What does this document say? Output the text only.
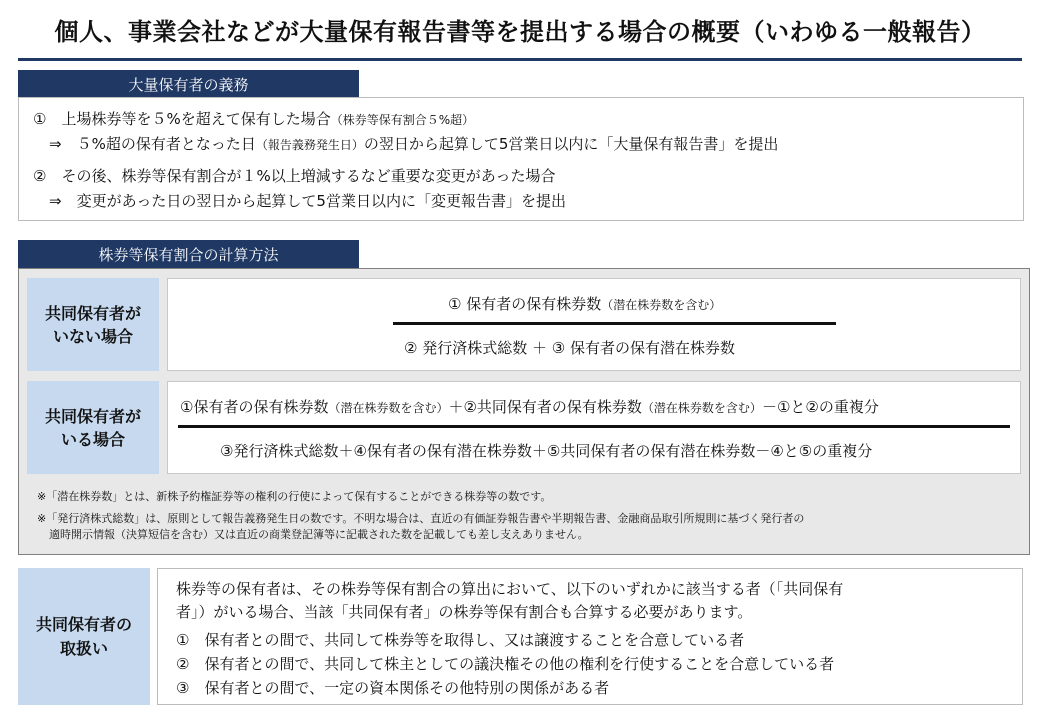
個人、事業会社などが大量保有報告書等を提出する場合の概要（いわゆる一般報告）
大量保有者の義務
①　上場株券等を５%を超えて保有した場合（株券等保有割合５%超）
⇒　５%超の保有者となった日（報告義務発生日）の翌日から起算して5営業日以内に「大量保有報告書」を提出
②　その後、株券等保有割合が１%以上増減するなど重要な変更があった場合
⇒　変更があった日の翌日から起算して5営業日以内に「変更報告書」を提出
株券等保有割合の計算方法
共同保有者が
いない場合
① 保有者の保有株券数（潜在株券数を含む）
② 発行済株式総数 ＋ ③ 保有者の保有潜在株券数
共同保有者が
いる場合
①保有者の保有株券数（潜在株券数を含む）＋②共同保有者の保有株券数（潜在株券数を含む）－①と②の重複分
③発行済株式総数＋④保有者の保有潜在株券数＋⑤共同保有者の保有潜在株券数－④と⑤の重複分
※「潜在株券数」とは、新株予約権証券等の権利の行使によって保有することができる株券等の数です。
※「発行済株式総数」は、原則として報告義務発生日の数です。不明な場合は、直近の有価証券報告書や半期報告書、金融商品取引所規則に基づく発行者の
適時開示情報（決算短信を含む）又は直近の商業登記簿等に記載された数を記載しても差し支えありません。
共同保有者の
取扱い
株券等の保有者は、その株券等保有割合の算出において、以下のいずれかに該当する者（「共同保有
者」）がいる場合、当該「共同保有者」の株券等保有割合も合算する必要があります。
①　保有者との間で、共同して株券等を取得し、又は譲渡することを合意している者
②　保有者との間で、共同して株主としての議決権その他の権利を行使することを合意している者
③　保有者との間で、一定の資本関係その他特別の関係がある者
